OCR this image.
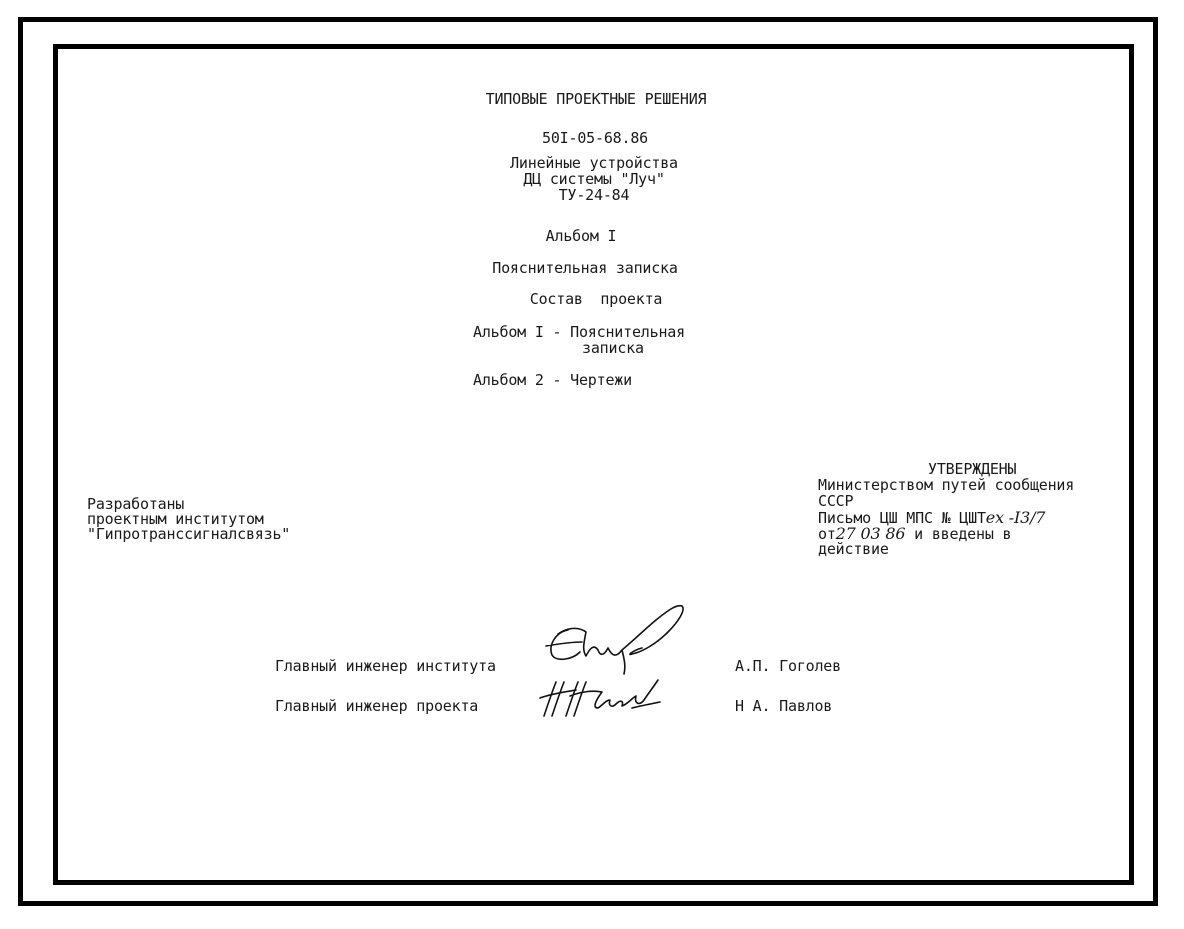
ТИПОВЫЕ ПРОЕКТНЫЕ РЕШЕНИЯ
50I-05-68.86
Линейные устройства
ДЦ системы "Луч"
ТУ-24-84
Альбом I
Пояснительная записка
Состав  проекта
Альбом I - Пояснительная
записка
Альбом 2 - Чертежи
Разработаны
проектным институтом
"Гипротранссигналсвязь"
УТВЕРЖДЕНЫ
Министерством путей сообщения
СССР
Письмо ЦШ МПС № ЦШТex -I3/7
от27 03 86 и введены в
действие
Главный инженер института	А.П. Гоголев
Главный инженер проекта	Н А. Павлов
